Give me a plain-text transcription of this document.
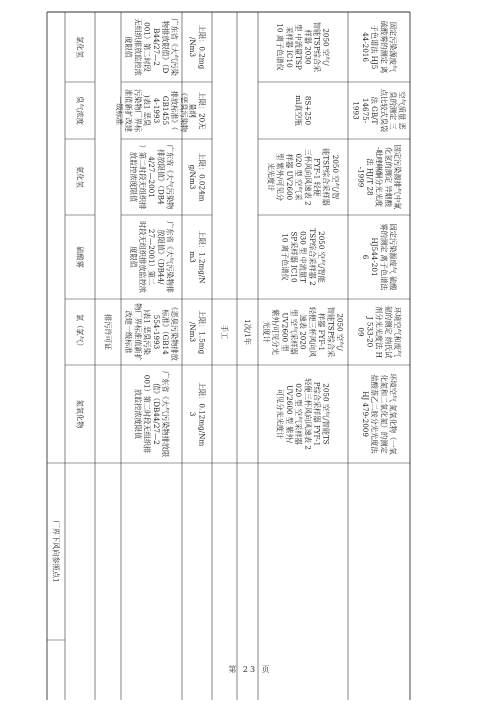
厂界下风向参照点1
氯化氢
臭气浓度
氨化氢
硫酸雾
氯（氯气）
氮氧化物
排污许可证
广东省《大气污染
物排放限值》（D
B44/27—2
001）第二时段
无组织排放监控浓
度限值
《恶臭污染物
排放标准》（
GB1455
4-1993
)表1 恶臭
污染物厂界标
准值新扩改建
一级标准
广东省《大气污染物
排放限值》（DB4
4/27—2001
）第二时段无组织排
放监控浓度限值
广东省《大气污染物排
放限值》（DB44/
27—2001）第二
时段无组织排放监控浓
度限值
《恶臭污染物排放
标准》（GB14
554-1993
)表1 恶臭污染
物厂界标准值新扩
改建一级标准
广东省《大气污染物排放限
值》（DB44/27—2
001）第二时段无组织排
放监控浓度限值
上限：0.2mg
/Nm3
上限：20无
量纲
上限：0.024m
g/Nm3
上限：1.2mg/N
m3
上限：1.5mg
/Nm3
上限：0.12mg/Nm
3
手工 1次/1年
2050 空气/
智能TSP综合采
样器 2030
型 中流量TSP
采样器 IC10
10 离子色谱仪
8S+250
ml真空瓶
2050 空气/智
能TSP综合采样器
FYF-1 轻便
三杯风向风速表 2
020 型 空气采
样器 UV2600
型 紫外/可见分
光光度计
2050 空气/智能
TSP综合采样器 2
030 型 中流量T
SP采样器 IC10
10 离子色谱仪
2050 空气/
智能TSP综合采
样器 FYF-1
轻便三杯风向风
速表 2020
型 空气采样器
UV2600 型
紫外/可见分光
光度计
2050 空气/智能TS
P综合采样器 FYF-1
轻便三杯风向风速表 2
020 型 空气采样器
UV2600 型 紫外/
可见分光光度计
固定污染源废气
硫酸雾的测定 离
子色谱法 HJ5
44-2016
空气质量 恶
臭的测定 三
点比较式臭袋
法 GB/T
14675-
1993
固定污染源排气中氰
化氢的测定 异烟酸
-吡唑啉酮分光光度
法 HJ/T 28
-1999
固定污染源废气 硫酸
雾的测定 离子色谱法
HJ544-201
6
环境空气和废气
氨的测定 纳氏试
剂分光光度法 H
J 533-20
09
环境空气 氮氧化物（一氧
化氮和二氧化氮）的测定
盐酸萘乙二胺分光光度法
HJ 479-2009
第 23 页
